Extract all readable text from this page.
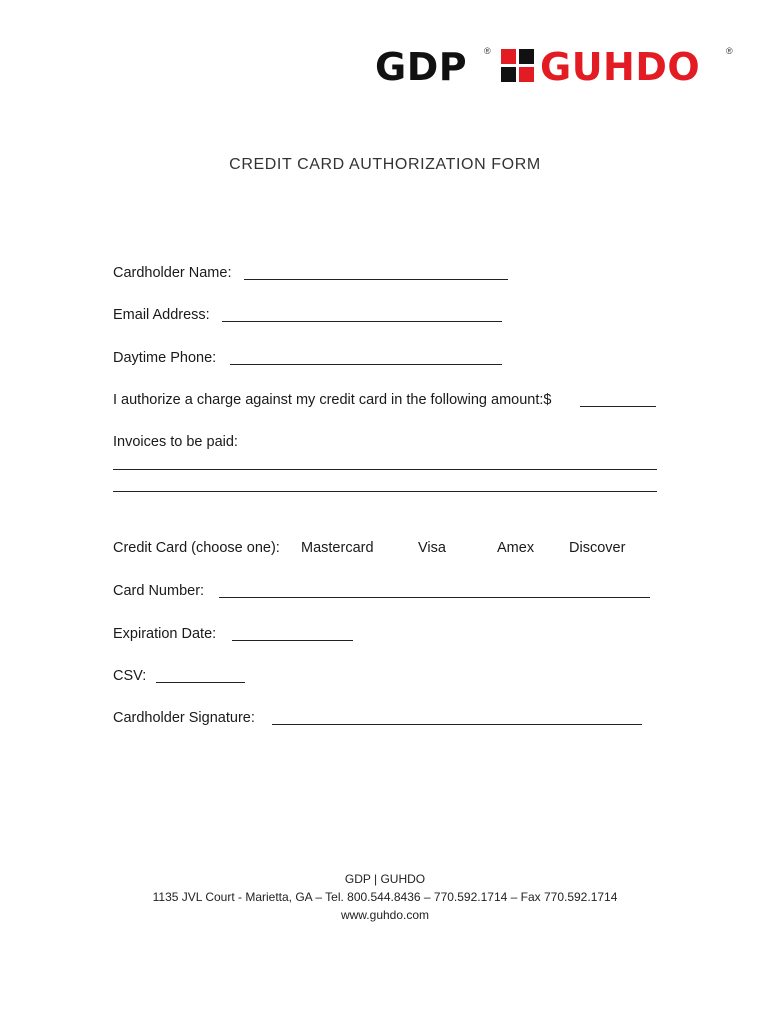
GDP ® GUHDO	®
CREDIT CARD AUTHORIZATION FORM
Cardholder Name:
Email Address:
Daytime Phone:
I authorize a charge against my credit card in the following amount:$
Invoices to be paid:
Credit Card (choose one): Mastercard	Visa	Amex Discover
Card Number:
Expiration Date:
CSV:
Cardholder Signature:
GDP | GUHDO
1135 JVL Court - Marietta, GA – Tel. 800.544.8436 – 770.592.1714 – Fax 770.592.1714
www.guhdo.com
